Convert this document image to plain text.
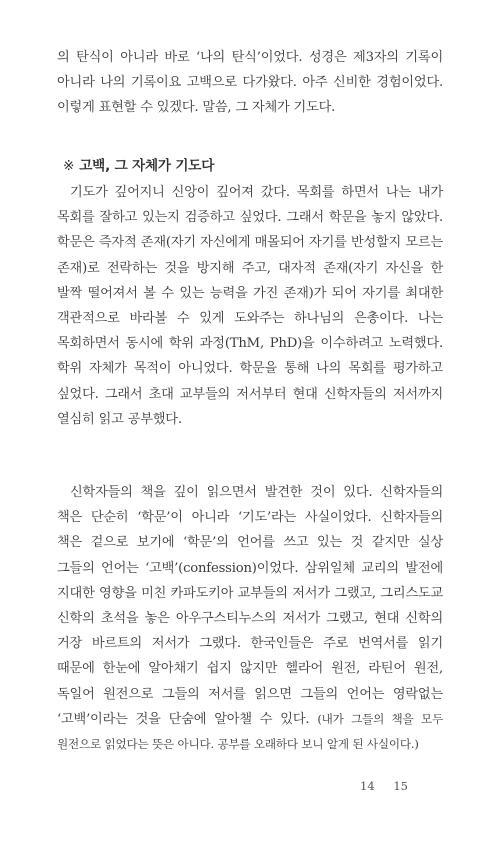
의 탄식이 아니라 바로 ‘나의 탄식’이었다. 성경은 제3자의 기록이 아니라 나의 기록이요 고백으로 다가왔다. 아주 신비한 경험이었다. 이렇게 표현할 수 있겠다. 말씀, 그 자체가 기도다.

※ 고백, 그 자체가 기도다

기도가 깊어지니 신앙이 깊어져 갔다. 목회를 하면서 나는 내가 목회를 잘하고 있는지 검증하고 싶었다. 그래서 학문을 놓지 않았다. 학문은 즉자적 존재(자기 자신에게 매몰되어 자기를 반성할지 모르는 존재)로 전락하는 것을 방지해 주고, 대자적 존재(자기 자신을 한 발짝 떨어져서 볼 수 있는 능력을 가진 존재)가 되어 자기를 최대한 객관적으로 바라볼 수 있게 도와주는 하나님의 은총이다. 나는 목회하면서 동시에 학위 과정(ThM, PhD)을 이수하려고 노력했다. 학위 자체가 목적이 아니었다. 학문을 통해 나의 목회를 평가하고 싶었다. 그래서 초대 교부들의 저서부터 현대 신학자들의 저서까지 열심히 읽고 공부했다.

신학자들의 책을 깊이 읽으면서 발견한 것이 있다. 신학자들의 책은 단순히 ‘학문’이 아니라 ‘기도’라는 사실이었다. 신학자들의 책은 겉으로 보기에 ‘학문’의 언어를 쓰고 있는 것 같지만 실상 그들의 언어는 ‘고백’(confession)이었다. 삼위일체 교리의 발전에 지대한 영향을 미친 카파도키아 교부들의 저서가 그랬고, 그리스도교 신학의 초석을 놓은 아우구스티누스의 저서가 그랬고, 현대 신학의 거장 바르트의 저서가 그랬다. 한국인들은 주로 번역서를 읽기 때문에 한눈에 알아채기 쉽지 않지만 헬라어 원전, 라틴어 원전, 독일어 원전으로 그들의 저서를 읽으면 그들의 언어는 영락없는 ‘고백’이라는 것을 단숨에 알아챌 수 있다. (내가 그들의 책을 모두 원전으로 읽었다는 뜻은 아니다. 공부를 오래하다 보니 알게 된 사실이다.)

14 15
